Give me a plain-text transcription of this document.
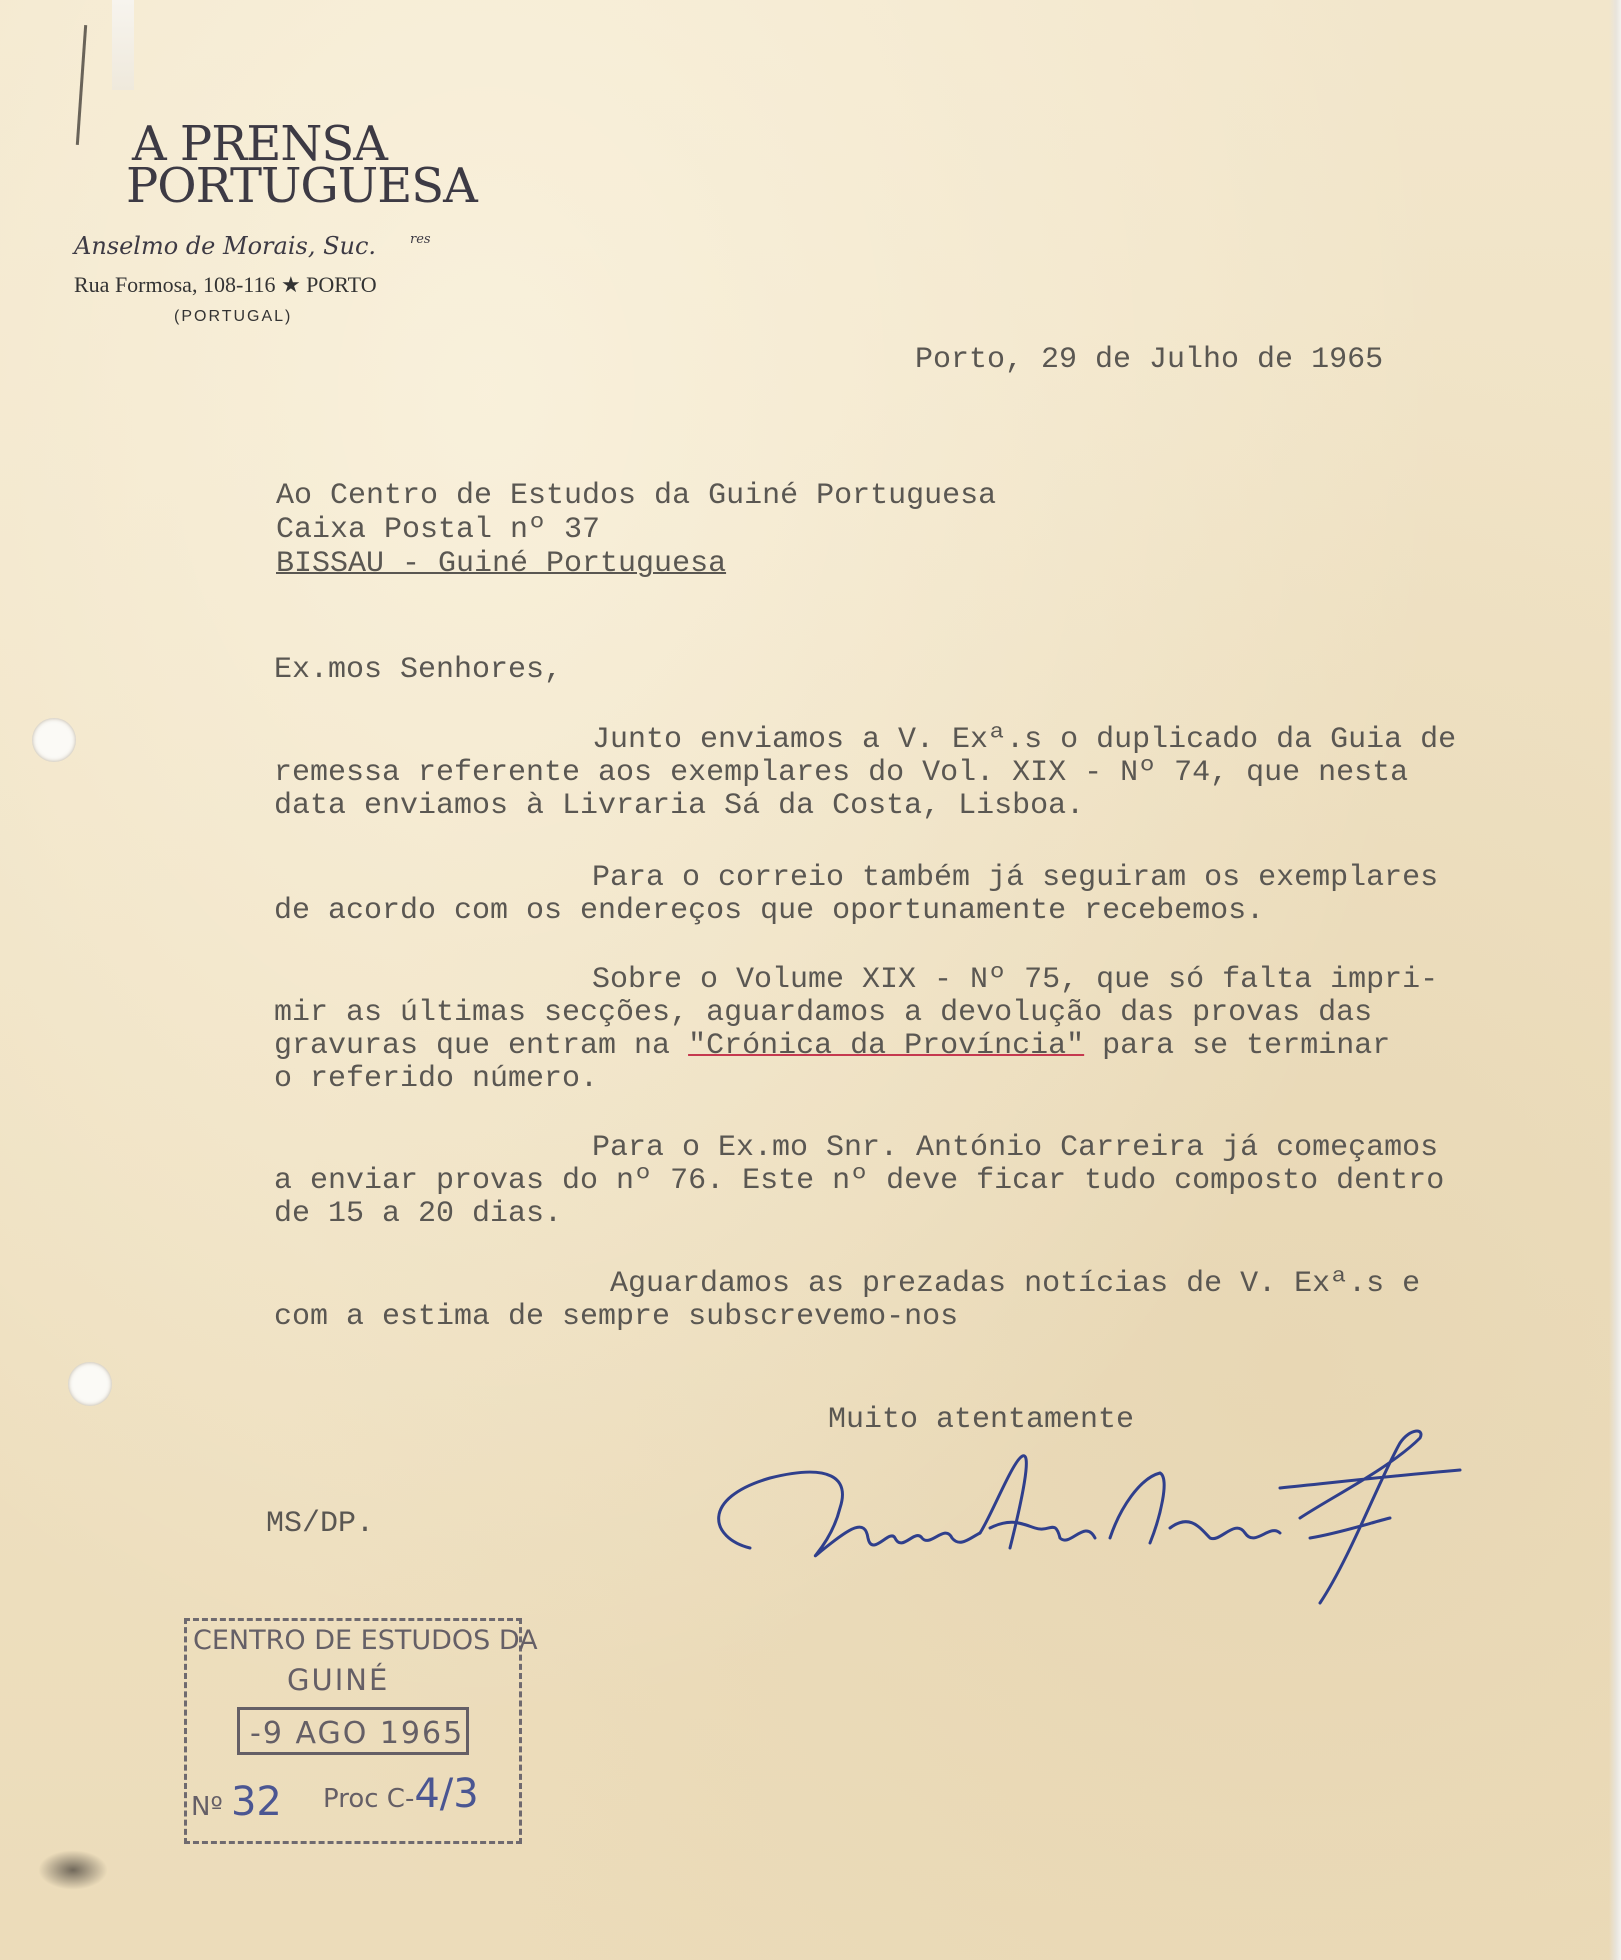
A PRENSA
PORTUGUESA
Anselmo de Morais, Suc.	res
Rua Formosa, 108-116 ★ PORTO
(PORTUGAL)
Porto, 29 de Julho de 1965
Ao Centro de Estudos da Guiné Portuguesa
Caixa Postal nº 37
BISSAU - Guiné Portuguesa
Ex.mos Senhores,
Junto enviamos a V. Exª.s o duplicado da Guia de
remessa referente aos exemplares do Vol. XIX - Nº 74, que nesta
data enviamos à Livraria Sá da Costa, Lisboa.
Para o correio também já seguiram os exemplares
de acordo com os endereços que oportunamente recebemos.
Sobre o Volume XIX - Nº 75, que só falta impri-
mir as últimas secções, aguardamos a devolução das provas das
gravuras que entram na "Crónica da Província" para se terminar
o referido número.
Para o Ex.mo Snr. António Carreira já começamos
a enviar provas do nº 76. Este nº deve ficar tudo composto dentro
de 15 a 20 dias.
Aguardamos as prezadas notícias de V. Exª.s e
com a estima de sempre subscrevemo-nos
Muito atentamente
MS/DP.
CENTRO DE ESTUDOS DA
GUINÉ
-9 AGO 1965
Nº 32 Proc C-4/3
